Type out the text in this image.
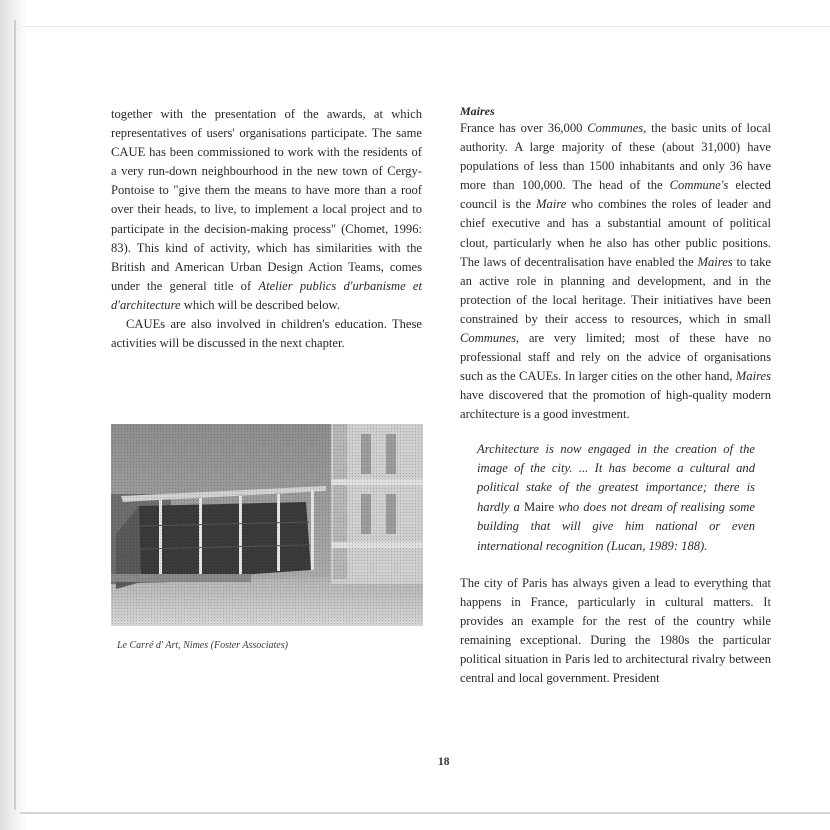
together with the presentation of the awards, at which representatives of users' organisations participate. The same CAUE has been commissioned to work with the residents of a very run-down neighbourhood in the new town of Cergy-Pontoise to "give them the means to have more than a roof over their heads, to live, to implement a local project and to participate in the decision-making process" (Chomet, 1996: 83). This kind of activity, which has similarities with the British and American Urban Design Action Teams, comes under the general title of Atelier publics d'urbanisme et d'architecture which will be described below.

CAUEs are also involved in children's education. These activities will be discussed in the next chapter.

Le Carré d' Art, Nimes (Foster Associates)

Maires

France has over 36,000 Communes, the basic units of local authority. A large majority of these (about 31,000) have populations of less than 1500 inhabitants and only 36 have more than 100,000. The head of the Commune's elected council is the Maire who combines the roles of leader and chief executive and has a substantial amount of political clout, particularly when he also has other public positions. The laws of decentralisation have enabled the Maires to take an active role in planning and development, and in the protection of the local heritage. Their initiatives have been constrained by their access to resources, which in small Communes, are very limited; most of these have no professional staff and rely on the advice of organisations such as the CAUEs. In larger cities on the other hand, Maires have discovered that the promotion of high-quality modern architecture is a good investment.

Architecture is now engaged in the creation of the image of the city. ... It has become a cultural and political stake of the greatest importance; there is hardly a Maire who does not dream of realising some building that will give him national or even international recognition (Lucan, 1989: 188).

The city of Paris has always given a lead to everything that happens in France, particularly in cultural matters. It provides an example for the rest of the country while remaining exceptional. During the 1980s the particular political situation in Paris led to architectural rivalry between central and local government. President

18
